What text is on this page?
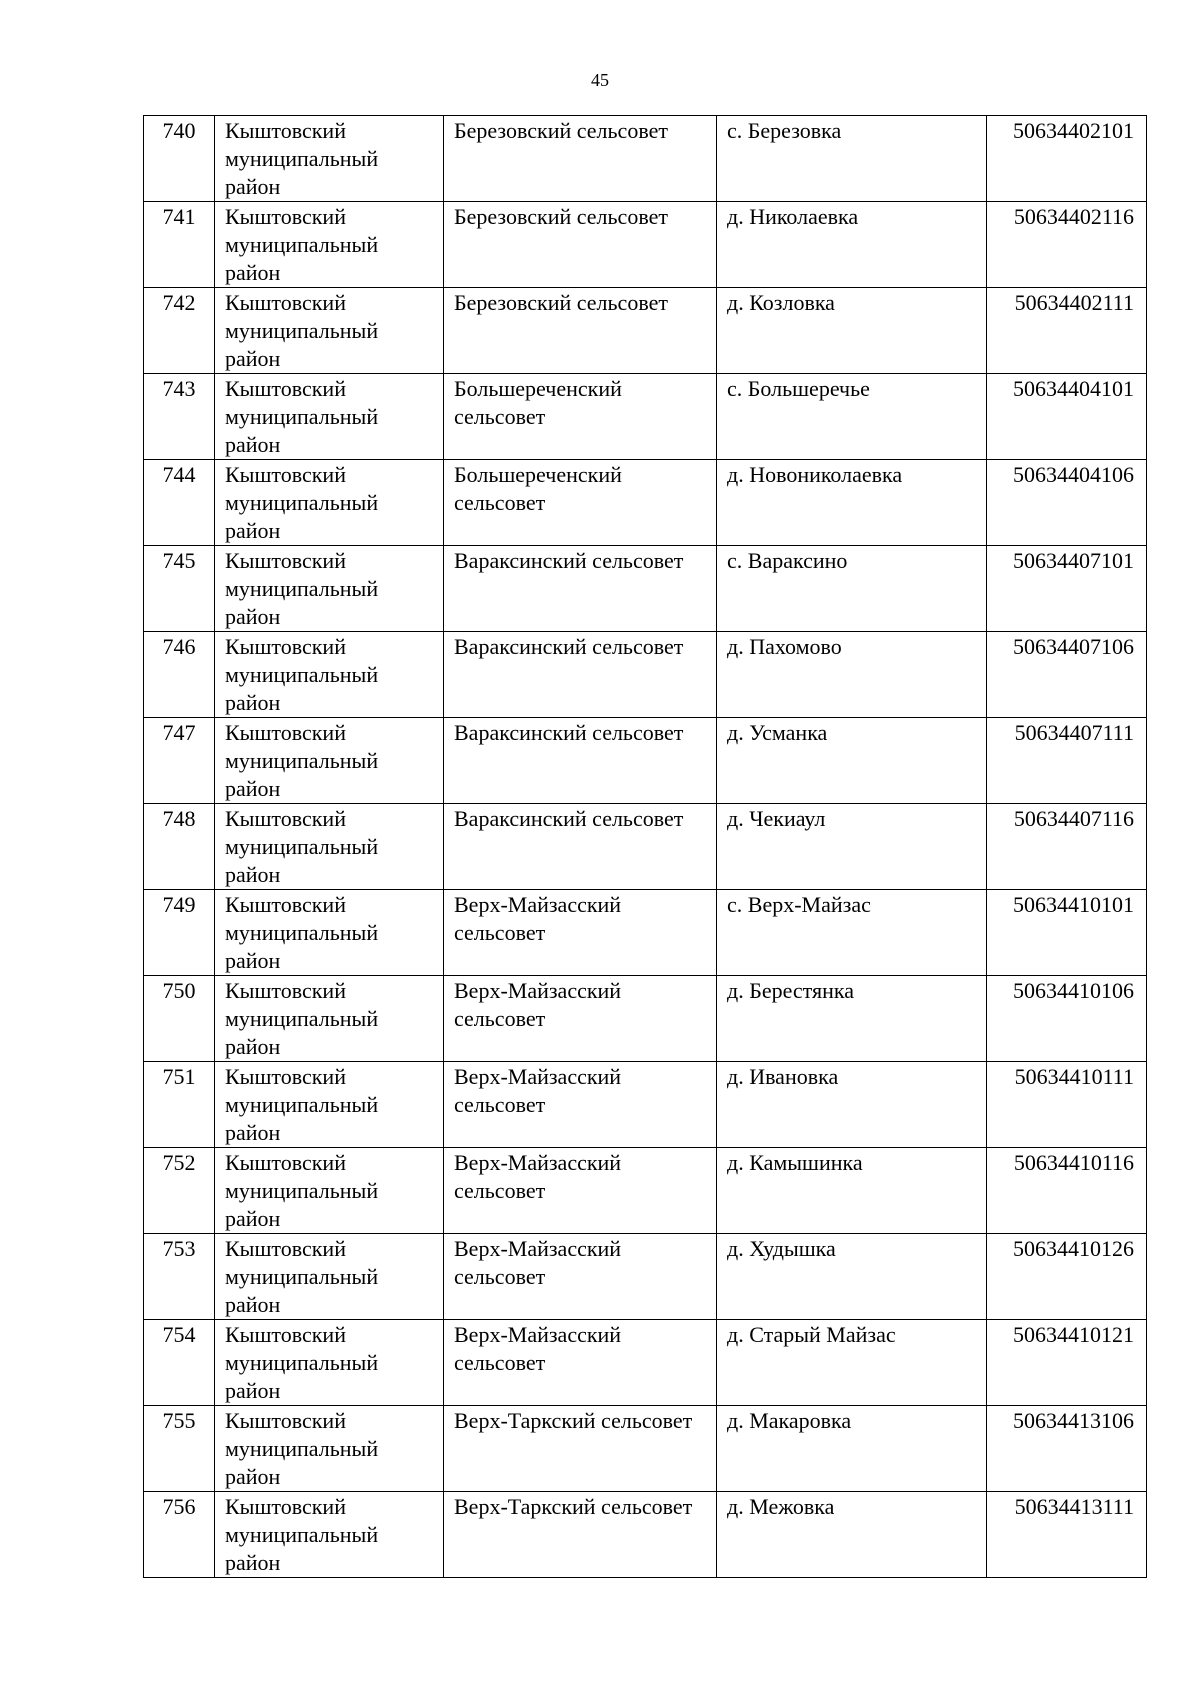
45
740	Кыштовский муниципальный район	Березовский сельсовет	с. Березовка	50634402101
741	Кыштовский муниципальный район	Березовский сельсовет	д. Николаевка	50634402116
742	Кыштовский муниципальный район	Березовский сельсовет	д. Козловка	50634402111
743	Кыштовский муниципальный район	Большереченский сельсовет	с. Большеречье	50634404101
744	Кыштовский муниципальный район	Большереченский сельсовет	д. Новониколаевка	50634404106
745	Кыштовский муниципальный район	Вараксинский сельсовет	с. Вараксино	50634407101
746	Кыштовский муниципальный район	Вараксинский сельсовет	д. Пахомово	50634407106
747	Кыштовский муниципальный район	Вараксинский сельсовет	д. Усманка	50634407111
748	Кыштовский муниципальный район	Вараксинский сельсовет	д. Чекиаул	50634407116
749	Кыштовский муниципальный район	Верх-Майзасский сельсовет	с. Верх-Майзас	50634410101
750	Кыштовский муниципальный район	Верх-Майзасский сельсовет	д. Берестянка	50634410106
751	Кыштовский муниципальный район	Верх-Майзасский сельсовет	д. Ивановка	50634410111
752	Кыштовский муниципальный район	Верх-Майзасский сельсовет	д. Камышинка	50634410116
753	Кыштовский муниципальный район	Верх-Майзасский сельсовет	д. Худышка	50634410126
754	Кыштовский муниципальный район	Верх-Майзасский сельсовет	д. Старый Майзас	50634410121
755	Кыштовский муниципальный район	Верх-Таркский сельсовет	д. Макаровка	50634413106
756	Кыштовский муниципальный район	Верх-Таркский сельсовет	д. Межовка	50634413111
